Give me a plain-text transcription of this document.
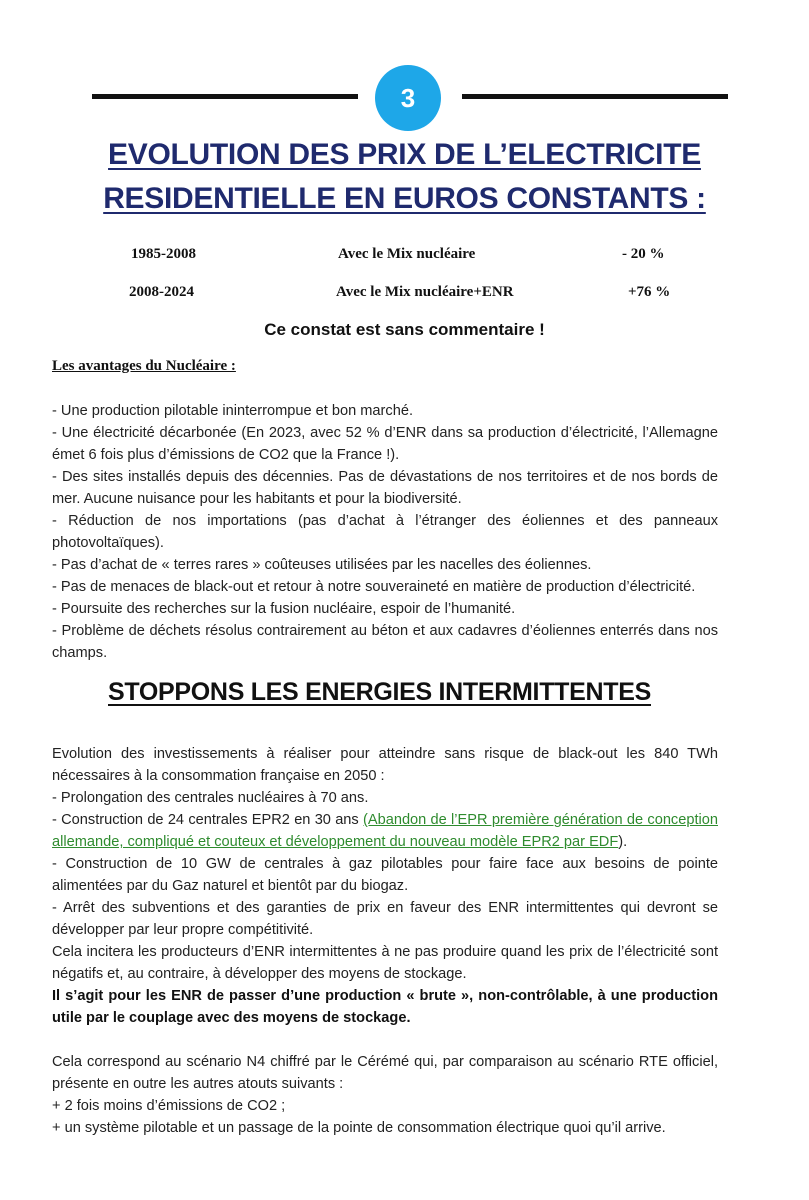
3
EVOLUTION DES PRIX DE L’ELECTRICITE RESIDENTIELLE EN EUROS CONSTANTS :
1985-2008	Avec le Mix nucléaire	- 20 %
2008-2024	Avec le Mix nucléaire+ENR	+76 %
Ce constat est sans commentaire !
Les avantages du Nucléaire :

- Une production pilotable ininterrompue et bon marché.

- Une électricité décarbonée (En 2023, avec 52 % d’ENR dans sa production d’électricité, l’Allemagne émet 6 fois plus d’émissions de CO2 que la France !).

- Des sites installés depuis des décennies. Pas de dévastations de nos territoires et de nos bords de mer. Aucune nuisance pour les habitants et pour la biodiversité.

- Réduction de nos importations (pas d’achat à l’étranger des éoliennes et des panneaux photovoltaïques).

- Pas d’achat de « terres rares » coûteuses utilisées par les nacelles des éoliennes.

- Pas de menaces de black-out et retour à notre souveraineté en matière de production d’électricité.

- Poursuite des recherches sur la fusion nucléaire, espoir de l’humanité.

- Problème de déchets résolus contrairement au béton et aux cadavres d’éoliennes enterrés dans nos champs.

STOPPONS LES ENERGIES INTERMITTENTES

Evolution des investissements à réaliser pour atteindre sans risque de black-out les 840 TWh nécessaires à la consommation française en 2050 :

- Prolongation des centrales nucléaires à 70 ans.

- Construction de 24 centrales EPR2 en 30 ans (Abandon de l’EPR première génération de conception allemande, compliqué et couteux et développement du nouveau modèle EPR2 par EDF).

- Construction de 10 GW de centrales à gaz pilotables pour faire face aux besoins de pointe alimentées par du Gaz naturel et bientôt par du biogaz.

- Arrêt des subventions et des garanties de prix en faveur des ENR intermittentes qui devront se développer par leur propre compétitivité.

Cela incitera les producteurs d’ENR intermittentes à ne pas produire quand les prix de l’électricité sont négatifs et, au contraire, à développer des moyens de stockage.

Il s’agit pour les ENR de passer d’une production « brute », non-contrôlable, à une production utile par le couplage avec des moyens de stockage.

Cela correspond au scénario N4 chiffré par le Cérémé qui, par comparaison au scénario RTE officiel, présente en outre les autres atouts suivants :

+ 2 fois moins d’émissions de CO2 ;

+ un système pilotable et un passage de la pointe de consommation électrique quoi qu’il arrive.
